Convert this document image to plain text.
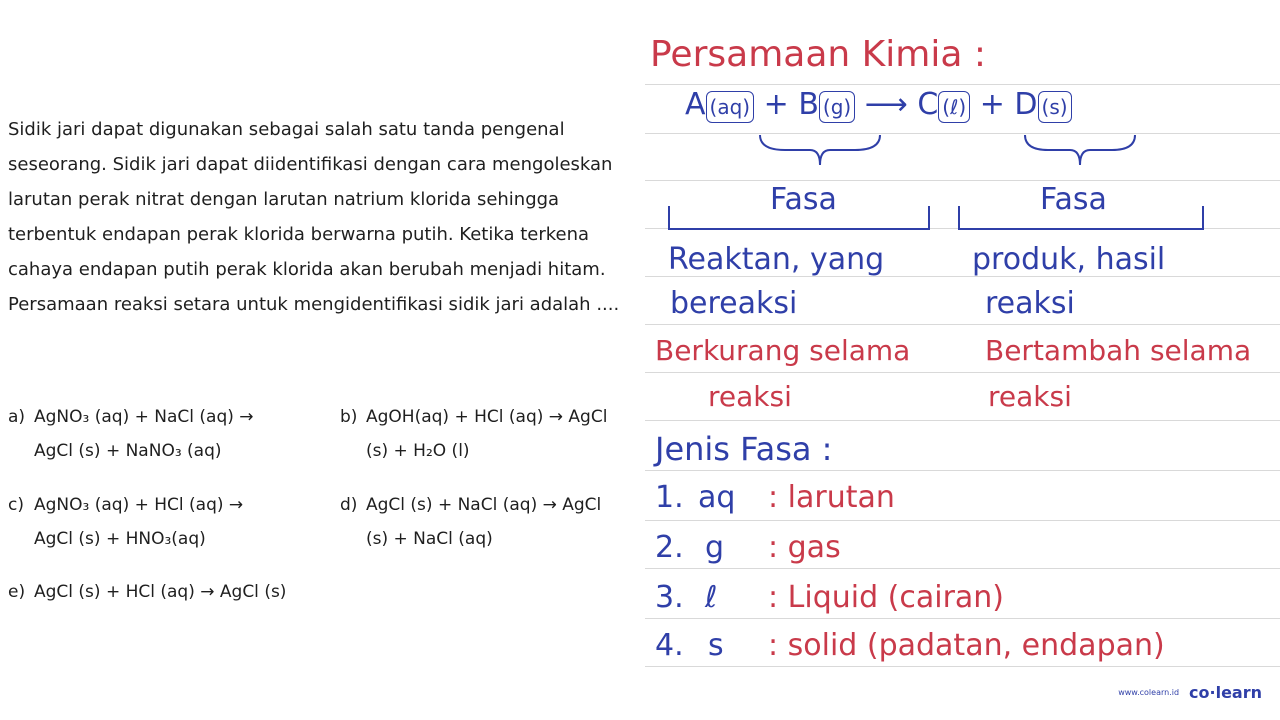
Sidik jari dapat digunakan sebagai salah satu tanda pengenal seseorang. Sidik jari dapat diidentifikasi dengan cara mengoleskan larutan perak nitrat dengan larutan natrium klorida sehingga terbentuk endapan perak klorida berwarna putih. Ketika terkena cahaya endapan putih perak klorida akan berubah menjadi hitam.

Persamaan reaksi setara untuk mengidentifikasi sidik jari adalah ....

a) AgNO₃ (aq) + NaCl (aq) →
AgCl (s) + NaNO₃ (aq)
b) AgOH(aq) + HCl (aq) → AgCl
(s) + H₂O (l)
c) AgNO₃ (aq) + HCl (aq) →
AgCl (s) + HNO₃(aq)
d) AgCl (s) + NaCl (aq) → AgCl
(s) + NaCl (aq)
e) AgCl (s) + HCl (aq) → AgCl (s)
Persamaan Kimia :
A (aq) + B (g) ⟶ C (ℓ) + D (s)
Fasa	Fasa
Reaktan, yang
bereaksi
produk, hasil
reaksi
Berkurang selama
reaksi
Bertambah selama
reaksi
Jenis Fasa :
1. aq : larutan
2. g : gas
3. ℓ : Liquid (cairan)
4. s : solid (padatan, endapan)
www.colearn.id co·learn
